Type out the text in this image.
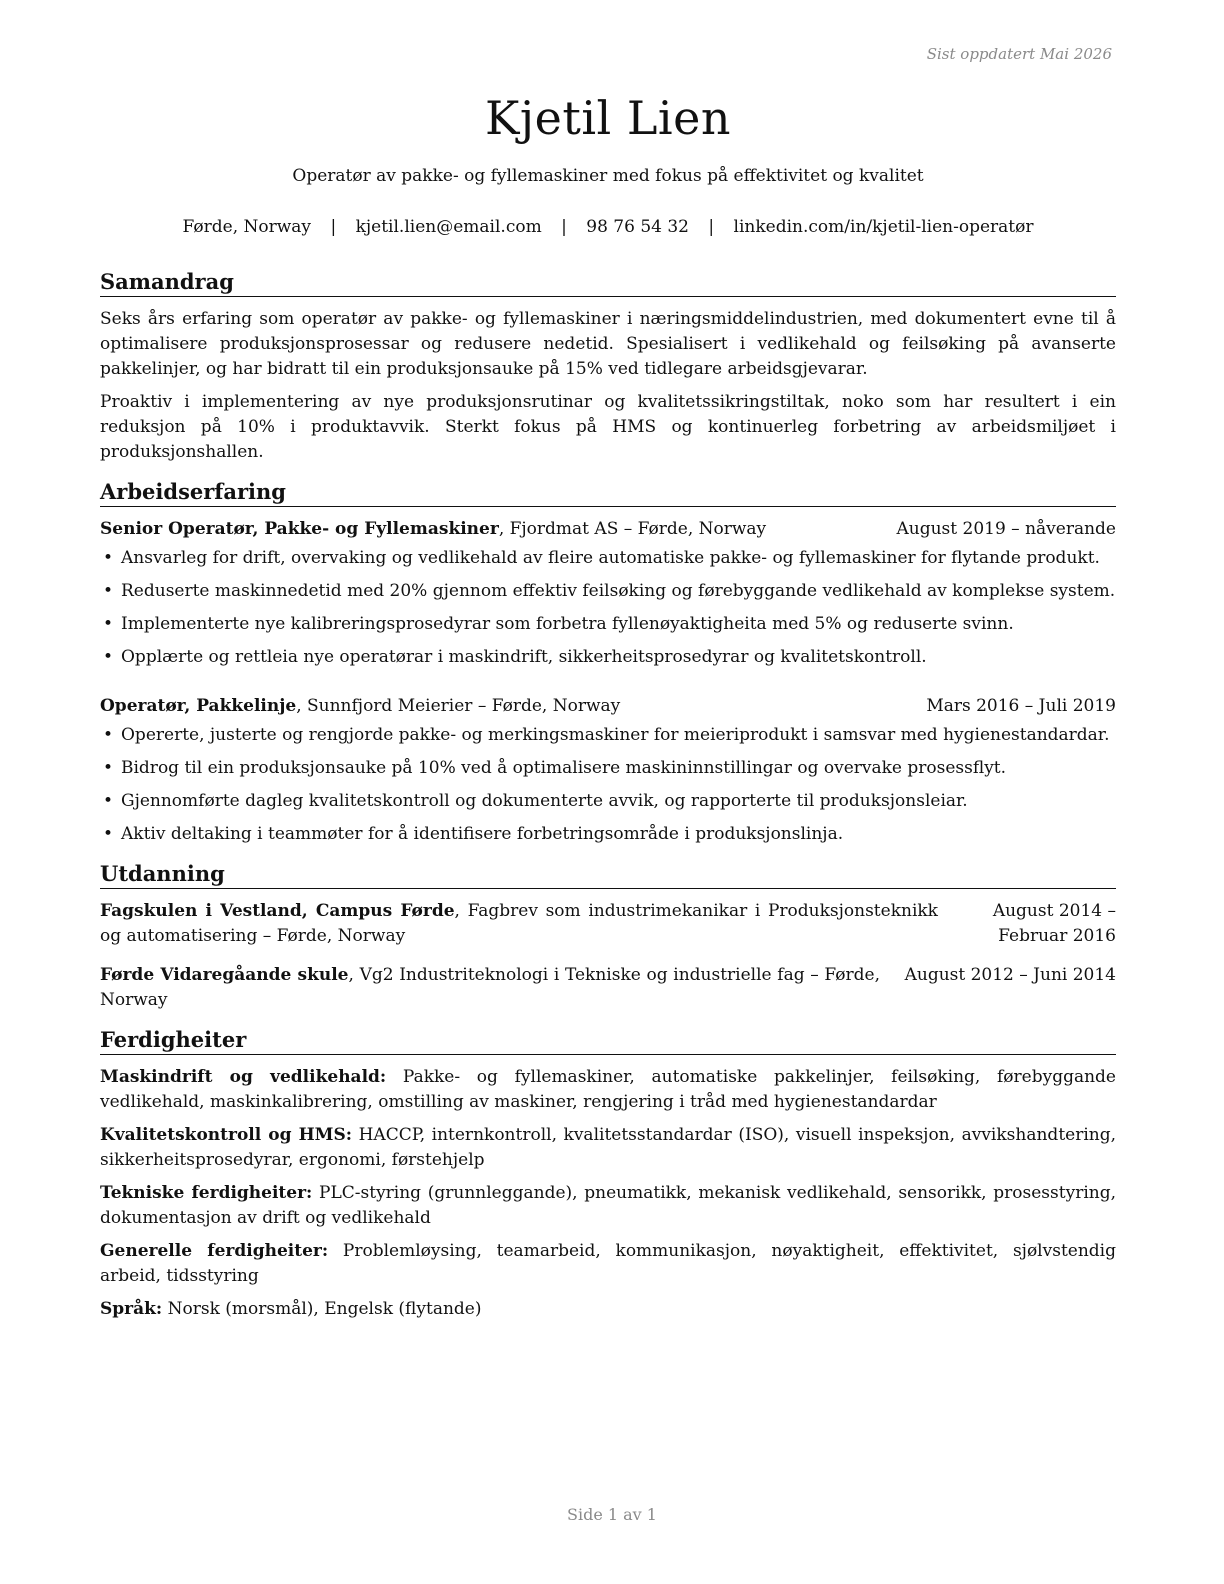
Sist oppdatert Mai 2026
Kjetil Lien
Operatør av pakke- og fyllemaskiner med fokus på effektivitet og kvalitet
Førde, Norway | kjetil.lien@email.com | 98 76 54 32 | linkedin.com/in/kjetil-lien-operatør
Samandrag

Seks års erfaring som operatør av pakke- og fyllemaskiner i næringsmiddelindustrien, med dokumentert evne til å optimalisere produksjonsprosessar og redusere nedetid. Spesialisert i vedlikehald og feilsøking på avanserte pakkelinjer, og har bidratt til ein produksjonsauke på 15% ved tidlegare arbeidsgjevarar.

Proaktiv i implementering av nye produksjonsrutinar og kvalitetssikringstiltak, noko som har resultert i ein reduksjon på 10% i produktavvik. Sterkt fokus på HMS og kontinuerleg forbetring av arbeidsmiljøet i produksjonshallen.

Arbeidserfaring
Senior Operatør, Pakke- og Fyllemaskiner, Fjordmat AS – Førde, Norway	August 2019 – nåverande
• Ansvarleg for drift, overvaking og vedlikehald av fleire automatiske pakke- og fyllemaskiner for flytande produkt.
• Reduserte maskinnedetid med 20% gjennom effektiv feilsøking og førebyggande vedlikehald av komplekse system.
• Implementerte nye kalibreringsprosedyrar som forbetra fyllenøyaktigheita med 5% og reduserte svinn.
• Opplærte og rettleia nye operatørar i maskindrift, sikkerheitsprosedyrar og kvalitetskontroll.
Operatør, Pakkelinje, Sunnfjord Meierier – Førde, Norway	Mars 2016 – Juli 2019
• Opererte, justerte og rengjorde pakke- og merkingsmaskiner for meieriprodukt i samsvar med hygienestandardar.
• Bidrog til ein produksjonsauke på 10% ved å optimalisere maskininnstillingar og overvake prosessflyt.
• Gjennomførte dagleg kvalitetskontroll og dokumenterte avvik, og rapporterte til produksjonsleiar.
• Aktiv deltaking i teammøter for å identifisere forbetringsområde i produksjonslinja.
Utdanning
Fagskulen i Vestland, Campus Førde, Fagbrev som industrimekanikar i Produksjonsteknikk og automatisering – Førde, Norway
August 2014 – Februar 2016
Førde Vidaregåande skule, Vg2 Industriteknologi i Tekniske og industrielle fag – Førde, Norway
August 2012 – Juni 2014
Ferdigheiter

Maskindrift og vedlikehald: Pakke- og fyllemaskiner, automatiske pakkelinjer, feilsøking, førebyggande vedlikehald, maskinkalibrering, omstilling av maskiner, rengjering i tråd med hygienestandardar

Kvalitetskontroll og HMS: HACCP, internkontroll, kvalitetsstandardar (ISO), visuell inspeksjon, avvikshandtering, sikkerheitsprosedyrar, ergonomi, førstehjelp

Tekniske ferdigheiter: PLC-styring (grunnleggande), pneumatikk, mekanisk vedlikehald, sensorikk, prosesstyring, dokumentasjon av drift og vedlikehald

Generelle ferdigheiter: Problemløysing, teamarbeid, kommunikasjon, nøyaktigheit, effektivitet, sjølvstendig arbeid, tidsstyring

Språk: Norsk (morsmål), Engelsk (flytande)

Side 1 av 1
